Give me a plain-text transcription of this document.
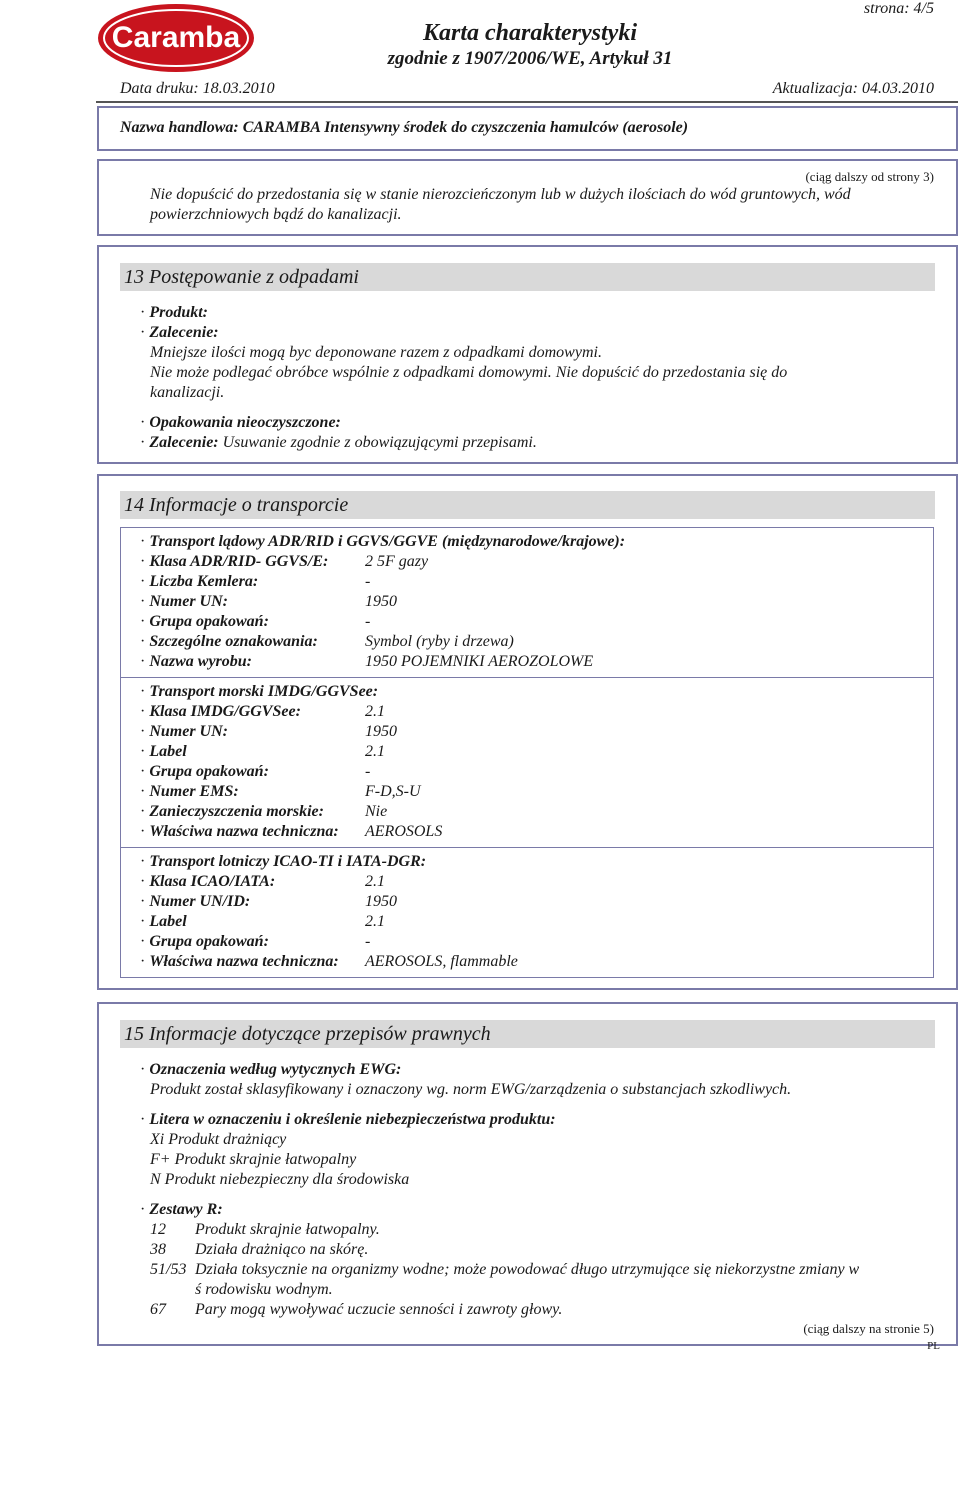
Caramba	Karta charakterystyki
zgodnie z 1907/2006/WE, Artykuł 31
strona: 4/5
Data druku: 18.03.2010	Aktualizacja: 04.03.2010
Nazwa handlowa: CARAMBA Intensywny środek do czyszczenia hamulców (aerosole)
(ciąg dalszy od strony 3)
Nie dopuścić do przedostania się w stanie nierozcieńczonym lub w dużych ilościach do wód gruntowych, wód
powierzchniowych bądź do kanalizacji.
13 Postępowanie z odpadami
· Produkt:
· Zalecenie:
Mniejsze ilości mogą byc deponowane razem z odpadkami domowymi.
Nie może podlegać obróbce wspólnie z odpadkami domowymi. Nie dopuścić do przedostania się do
kanalizacji.
· Opakowania nieoczyszczone:
· Zalecenie: Usuwanie zgodnie z obowiązującymi przepisami.
14 Informacje o transporcie
· Transport lądowy ADR/RID i GGVS/GGVE (międzynarodowe/krajowe):
· Klasa ADR/RID- GGVS/E: 2 5F gazy
· Liczba Kemlera:	-
· Numer UN:	1950
· Grupa opakowań:	-
· Szczególne oznakowania:	Symbol (ryby i drzewa)
· Nazwa wyrobu:	1950 POJEMNIKI AEROZOLOWE
· Transport morski IMDG/GGVSee:
· Klasa IMDG/GGVSee:	2.1
· Numer UN:	1950
· Label	2.1
· Grupa opakowań:	-
· Numer EMS:	F-D,S-U
· Zanieczyszczenia morskie:	Nie
· Właściwa nazwa techniczna: AEROSOLS
· Transport lotniczy ICAO-TI i IATA-DGR:
· Klasa ICAO/IATA:	2.1
· Numer UN/ID:	1950
· Label	2.1
· Grupa opakowań:	-
· Właściwa nazwa techniczna: AEROSOLS, flammable
15 Informacje dotyczące przepisów prawnych
· Oznaczenia według wytycznych EWG:
Produkt został sklasyfikowany i oznaczony wg. norm EWG/zarządzenia o substancjach szkodliwych.
· Litera w oznaczeniu i określenie niebezpieczeństwa produktu:
Xi Produkt drażniący
F+ Produkt skrajnie łatwopalny
N Produkt niebezpieczny dla środowiska
· Zestawy R:
12 Produkt skrajnie łatwopalny.
38 Działa drażniąco na skórę.
51/53 Działa toksycznie na organizmy wodne; może powodować długo utrzymujące się niekorzystne zmiany w
ś rodowisku wodnym.
67 Pary mogą wywoływać uczucie senności i zawroty głowy.
(ciąg dalszy na stronie 5)
PL
